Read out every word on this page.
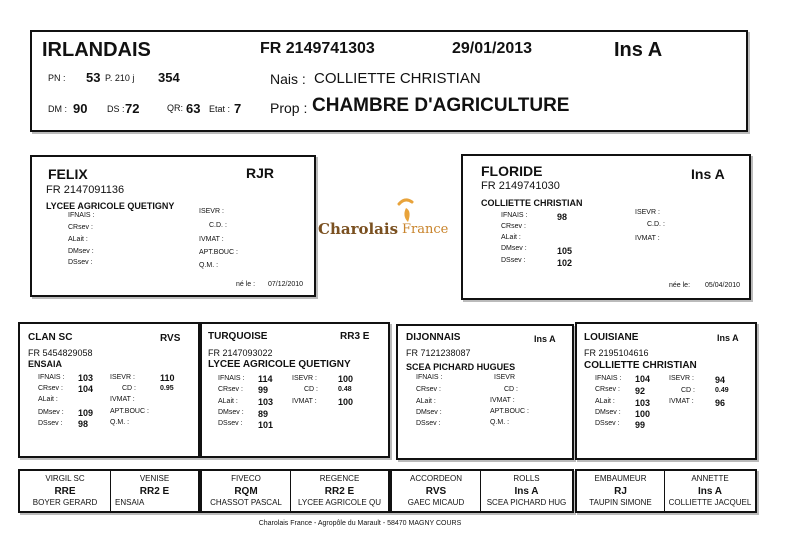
IRLANDAIS	FR 2149741303	29/01/2013	Ins A
PN : 53 P. 210 j 354	Nais : COLLIETTE CHRISTIAN
DM : 90 DS : 72	QR: 63 Etat : 7 Prop : CHAMBRE D'AGRICULTURE
FELIX	RJR
FR 2147091136
LYCEE AGRICOLE QUETIGNY
IFNAIS :
CRsev :
ALait :
DMsev :
DSsev :
ISEVR :
C.D. :
IVMAT :
APT.BOUC :
Q.M. :
né le : 07/12/2010
Charolais France
FLORIDE	Ins A
FR 2149741030
COLLIETTE CHRISTIAN
IFNAIS :	98
CRsev :
ALait :
DMsev :	105
DSsev :	102
ISEVR :
C.D. :
IVMAT :
née le: 05/04/2010
CLAN SC	RVS
FR 5454829058
ENSAIA
IFNAIS : 103
CRsev : 104
ALait :
DMsev : 109
DSsev : 98
ISEVR :	110
CD :	0.95
IVMAT :
APT.BOUC :
Q.M. :
TURQUOISE	RR3 E
FR 2147093022
LYCEE AGRICOLE QUETIGNY
IFNAIS : 114
CRsev : 99
ALait : 103
DMsev : 89
DSsev : 101
ISEVR : 100
CD :	0.48
IVMAT : 100
DIJONNAIS	Ins A
FR 7121238087
SCEA PICHARD HUGUES
IFNAIS :
CRsev :
ALait :
DMsev :
DSsev :
ISEVR
CD :
IVMAT :
APT.BOUC :
Q.M. :
LOUISIANE	Ins A
FR 2195104616
COLLIETTE CHRISTIAN
IFNAIS : 104
CRsev : 92
ALait : 103
DMsev : 100
DSsev : 99
ISEVR : 94
CD :	0.49
IVMAT : 96
VIRGIL SC
RRE
BOYER GERARD
VENISE
RR2 E
ENSAIA
FIVECO
RQM
CHASSOT PASCAL
REGENCE
RR2 E
LYCEE AGRICOLE QU
ACCORDEON
RVS
GAEC MICAUD
ROLLS
Ins A
SCEA PICHARD HUG
EMBAUMEUR
RJ
TAUPIN SIMONE
ANNETTE
Ins A
COLLIETTE JACQUEL
Charolais France - Agropôle du Marault - 58470 MAGNY COURS
